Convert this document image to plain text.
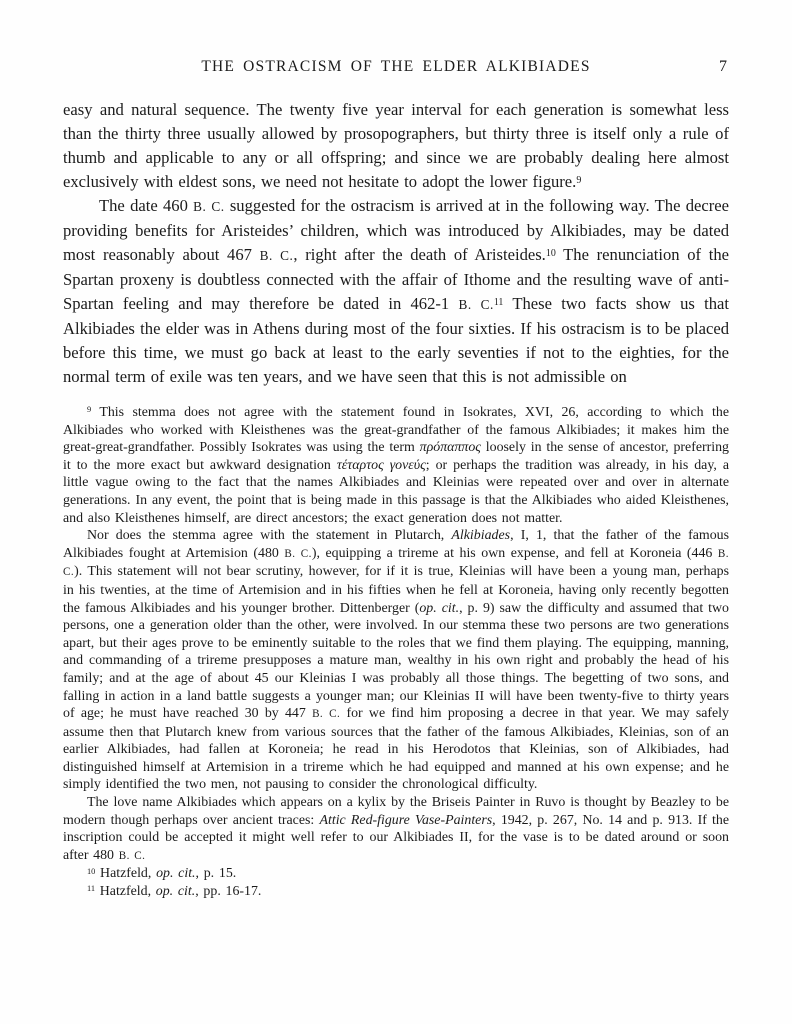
THE OSTRACISM OF THE ELDER ALKIBIADES	7

easy and natural sequence. The twenty five year interval for each generation is somewhat less than the thirty three usually allowed by prosopographers, but thirty three is itself only a rule of thumb and applicable to any or all offspring; and since we are probably dealing here almost exclusively with eldest sons, we need not hesitate to adopt the lower figure.$^9$

The date 460 B. C. suggested for the ostracism is arrived at in the following way. The decree providing benefits for Aristeides’ children, which was introduced by Alkibiades, may be dated most reasonably about 467 B. C., right after the death of Aristeides.$^{10}$ The renunciation of the Spartan proxeny is doubtless connected with the affair of Ithome and the resulting wave of anti-Spartan feeling and may therefore be dated in 462-1 B. C.$^{11}$ These two facts show us that Alkibiades the elder was in Athens during most of the four sixties. If his ostracism is to be placed before this time, we must go back at least to the early seventies if not to the eighties, for the normal term of exile was ten years, and we have seen that this is not admissible on

$^9$ This stemma does not agree with the statement found in Isokrates, XVI, 26, according to which the Alkibiades who worked with Kleisthenes was the great-grandfather of the famous Alkibiades; it makes him the great-great-grandfather. Possibly Isokrates was using the term πρόπαππος loosely in the sense of ancestor, preferring it to the more exact but awkward designation τέταρτος γονεύς; or perhaps the tradition was already, in his day, a little vague owing to the fact that the names Alkibiades and Kleinias were repeated over and over in alternate generations. In any event, the point that is being made in this passage is that the Alkibiades who aided Kleisthenes, and also Kleisthenes himself, are direct ancestors; the exact generation does not matter.

Nor does the stemma agree with the statement in Plutarch, Alkibiades, I, 1, that the father of the famous Alkibiades fought at Artemision (480 B. C.), equipping a trireme at his own expense, and fell at Koroneia (446 B. C.). This statement will not bear scrutiny, however, for if it is true, Kleinias will have been a young man, perhaps in his twenties, at the time of Artemision and in his fifties when he fell at Koroneia, having only recently begotten the famous Alkibiades and his younger brother. Dittenberger (op. cit., p. 9) saw the difficulty and assumed that two persons, one a generation older than the other, were involved. In our stemma these two persons are two generations apart, but their ages prove to be eminently suitable to the roles that we find them playing. The equipping, manning, and commanding of a trireme presupposes a mature man, wealthy in his own right and probably the head of his family; and at the age of about 45 our Kleinias I was probably all those things. The begetting of two sons, and falling in action in a land battle suggests a younger man; our Kleinias II will have been twenty-five to thirty years of age; he must have reached 30 by 447 B. C. for we find him proposing a decree in that year. We may safely assume then that Plutarch knew from various sources that the father of the famous Alkibiades, Kleinias, son of an earlier Alkibiades, had fallen at Koroneia; he read in his Herodotos that Kleinias, son of Alkibiades, had distinguished himself at Artemision in a trireme which he had equipped and manned at his own expense; and he simply identified the two men, not pausing to consider the chronological difficulty.

The love name Alkibiades which appears on a kylix by the Briseis Painter in Ruvo is thought by Beazley to be modern though perhaps over ancient traces: Attic Red-figure Vase-Painters, 1942, p. 267, No. 14 and p. 913. If the inscription could be accepted it might well refer to our Alkibiades II, for the vase is to be dated around or soon after 480 B. C.

$^{10}$ Hatzfeld, op. cit., p. 15.

$^{11}$ Hatzfeld, op. cit., pp. 16-17.
